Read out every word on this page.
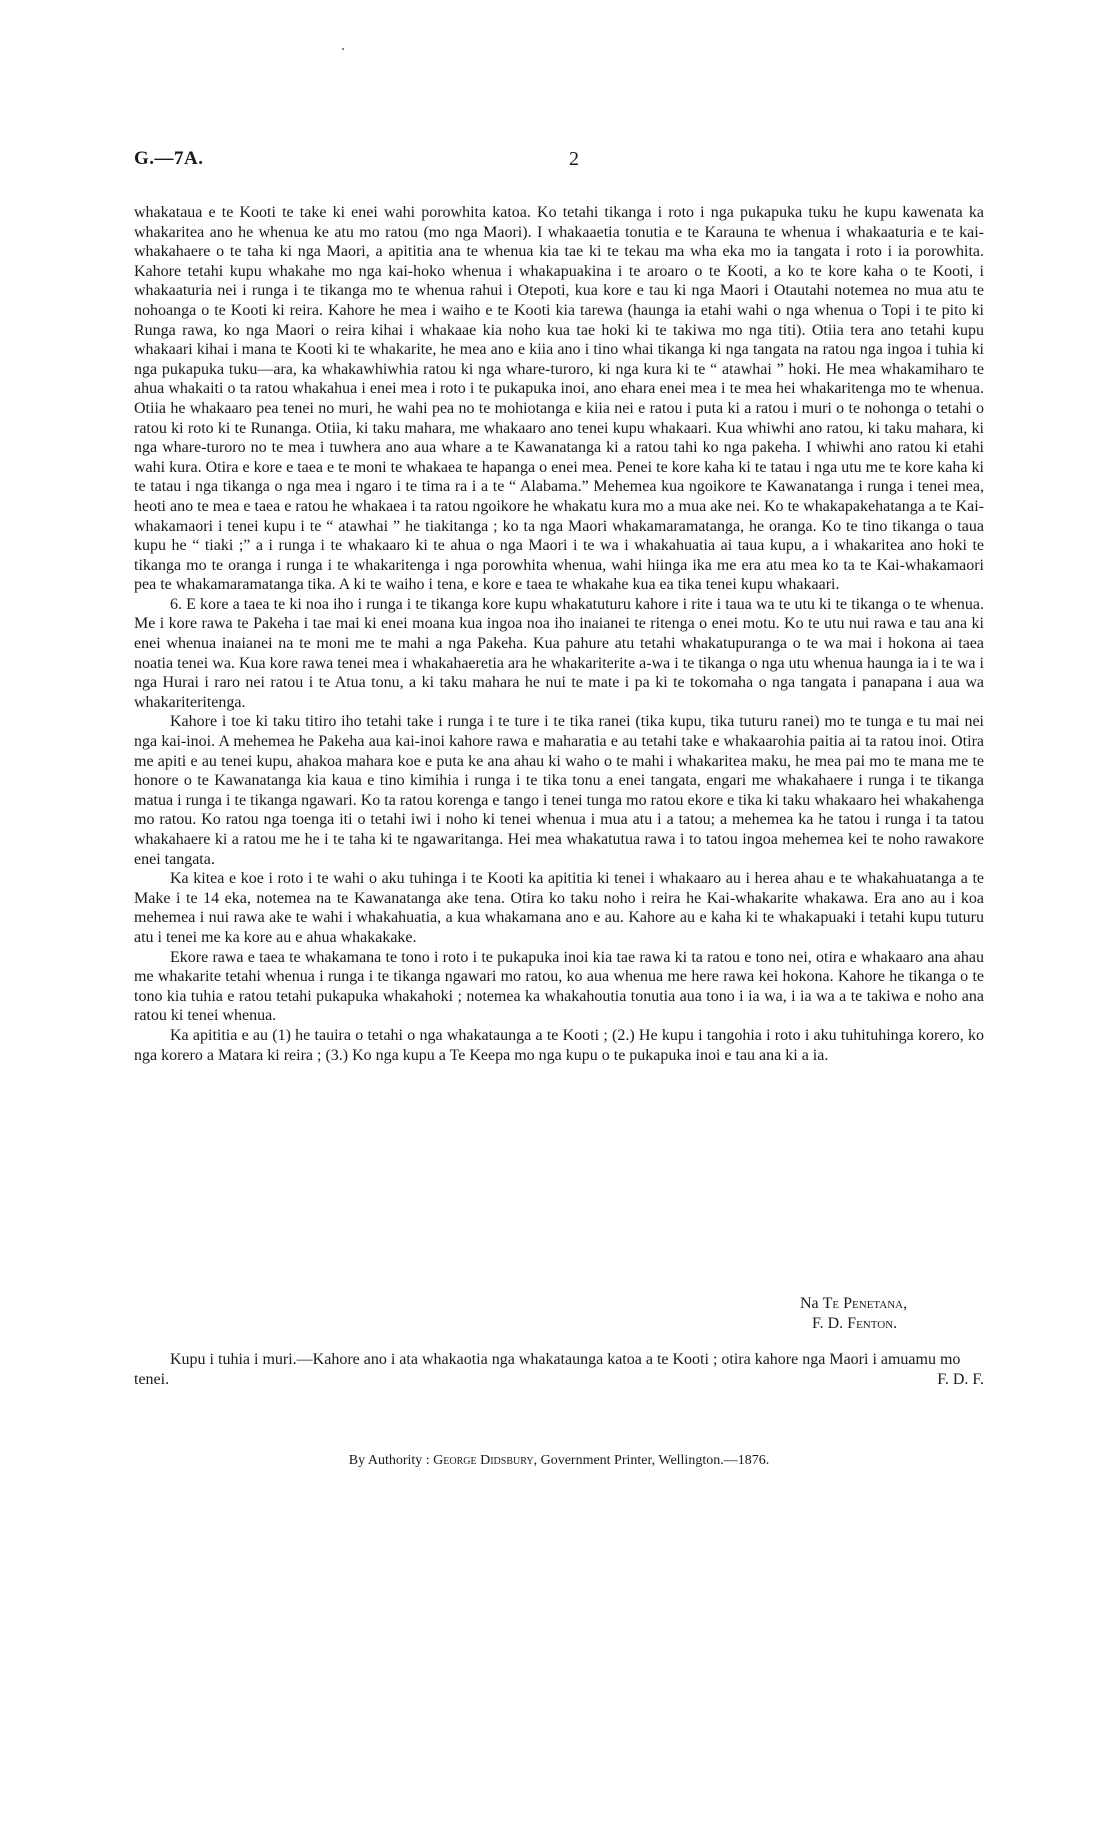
G.—7A.	2

whakataua e te Kooti te take ki enei wahi porowhita katoa. Ko tetahi tikanga i roto i nga pukapuka tuku he kupu kawenata ka whakaritea ano he whenua ke atu mo ratou (mo nga Maori). I whakaaetia tonutia e te Karauna te whenua i whakaaturia e te kai-whakahaere o te taha ki nga Maori, a apititia ana te whenua kia tae ki te tekau ma wha eka mo ia tangata i roto i ia porowhita. Kahore tetahi kupu whakahe mo nga kai-hoko whenua i whakapuakina i te aroaro o te Kooti, a ko te kore kaha o te Kooti, i whakaaturia nei i runga i te tikanga mo te whenua rahui i Otepoti, kua kore e tau ki nga Maori i Otautahi notemea no mua atu te nohoanga o te Kooti ki reira. Kahore he mea i waiho e te Kooti kia tarewa (haunga ia etahi wahi o nga whenua o Topi i te pito ki Runga rawa, ko nga Maori o reira kihai i whakaae kia noho kua tae hoki ki te takiwa mo nga titi). Otiia tera ano tetahi kupu whakaari kihai i mana te Kooti ki te whakarite, he mea ano e kiia ano i tino whai tikanga ki nga tangata na ratou nga ingoa i tuhia ki nga pukapuka tuku—ara, ka whakawhiwhia ratou ki nga whare-turoro, ki nga kura ki te “ atawhai ” hoki. He mea whakamiharo te ahua whakaiti o ta ratou whakahua i enei mea i roto i te pukapuka inoi, ano ehara enei mea i te mea hei whakaritenga mo te whenua. Otiia he whakaaro pea tenei no muri, he wahi pea no te mohiotanga e kiia nei e ratou i puta ki a ratou i muri o te nohonga o tetahi o ratou ki roto ki te Runanga. Otiia, ki taku mahara, me whakaaro ano tenei kupu whakaari. Kua whiwhi ano ratou, ki taku mahara, ki nga whare-turoro no te mea i tuwhera ano aua whare a te Kawanatanga ki a ratou tahi ko nga pakeha. I whiwhi ano ratou ki etahi wahi kura. Otira e kore e taea e te moni te whakaea te hapanga o enei mea. Penei te kore kaha ki te tatau i nga utu me te kore kaha ki te tatau i nga tikanga o nga mea i ngaro i te tima ra i a te “ Alabama.” Mehemea kua ngoikore te Kawanatanga i runga i tenei mea, heoti ano te mea e taea e ratou he whakaea i ta ratou ngoikore he whakatu kura mo a mua ake nei. Ko te whakapakehatanga a te Kai-whakamaori i tenei kupu i te “ atawhai ” he tiakitanga ; ko ta nga Maori whakamaramatanga, he oranga. Ko te tino tikanga o taua kupu he “ tiaki ;” a i runga i te whakaaro ki te ahua o nga Maori i te wa i whakahuatia ai taua kupu, a i whakaritea ano hoki te tikanga mo te oranga i runga i te whakaritenga i nga porowhita whenua, wahi hiinga ika me era atu mea ko ta te Kai-whakamaori pea te whakamaramatanga tika. A ki te waiho i tena, e kore e taea te whakahe kua ea tika tenei kupu whakaari.

6. E kore a taea te ki noa iho i runga i te tikanga kore kupu whakatuturu kahore i rite i taua wa te utu ki te tikanga o te whenua. Me i kore rawa te Pakeha i tae mai ki enei moana kua ingoa noa iho inaianei te ritenga o enei motu. Ko te utu nui rawa e tau ana ki enei whenua inaianei na te moni me te mahi a nga Pakeha. Kua pahure atu tetahi whakatupuranga o te wa mai i hokona ai taea noatia tenei wa. Kua kore rawa tenei mea i whakahaeretia ara he whakariterite a-wa i te tikanga o nga utu whenua haunga ia i te wa i nga Hurai i raro nei ratou i te Atua tonu, a ki taku mahara he nui te mate i pa ki te tokomaha o nga tangata i panapana i aua wa whakariteritenga.

Kahore i toe ki taku titiro iho tetahi take i runga i te ture i te tika ranei (tika kupu, tika tuturu ranei) mo te tunga e tu mai nei nga kai-inoi. A mehemea he Pakeha aua kai-inoi kahore rawa e maharatia e au tetahi take e whakaarohia paitia ai ta ratou inoi. Otira me apiti e au tenei kupu, ahakoa mahara koe e puta ke ana ahau ki waho o te mahi i whakaritea maku, he mea pai mo te mana me te honore o te Kawanatanga kia kaua e tino kimihia i runga i te tika tonu a enei tangata, engari me whakahaere i runga i te tikanga matua i runga i te tikanga ngawari. Ko ta ratou korenga e tango i tenei tunga mo ratou ekore e tika ki taku whakaaro hei whakahenga mo ratou. Ko ratou nga toenga iti o tetahi iwi i noho ki tenei whenua i mua atu i a tatou; a mehemea ka he tatou i runga i ta tatou whakahaere ki a ratou me he i te taha ki te ngawaritanga. Hei mea whakatutua rawa i to tatou ingoa mehemea kei te noho rawakore enei tangata.

Ka kitea e koe i roto i te wahi o aku tuhinga i te Kooti ka apititia ki tenei i whakaaro au i herea ahau e te whakahuatanga a te Make i te 14 eka, notemea na te Kawanatanga ake tena. Otira ko taku noho i reira he Kai-whakarite whakawa. Era ano au i koa mehemea i nui rawa ake te wahi i whakahuatia, a kua whakamana ano e au. Kahore au e kaha ki te whakapuaki i tetahi kupu tuturu atu i tenei me ka kore au e ahua whakakake.

Ekore rawa e taea te whakamana te tono i roto i te pukapuka inoi kia tae rawa ki ta ratou e tono nei, otira e whakaaro ana ahau me whakarite tetahi whenua i runga i te tikanga ngawari mo ratou, ko aua whenua me here rawa kei hokona. Kahore he tikanga o te tono kia tuhia e ratou tetahi pukapuka whakahoki ; notemea ka whakahoutia tonutia aua tono i ia wa, i ia wa a te takiwa e noho ana ratou ki tenei whenua.

Ka apititia e au (1) he tauira o tetahi o nga whakataunga a te Kooti ; (2.) He kupu i tangohia i roto i aku tuhituhinga korero, ko nga korero a Matara ki reira ; (3.) Ko nga kupu a Te Keepa mo nga kupu o te pukapuka inoi e tau ana ki a ia.

Na Te Penetana,
F. D. Fenton.
Kupu i tuhia i muri.—Kahore ano i ata whakaotia nga whakataunga katoa a te Kooti ; otira kahore nga Maori i amuamu mo tenei.	F. D. F.
By Authority : George Didsbury, Government Printer, Wellington.—1876.
